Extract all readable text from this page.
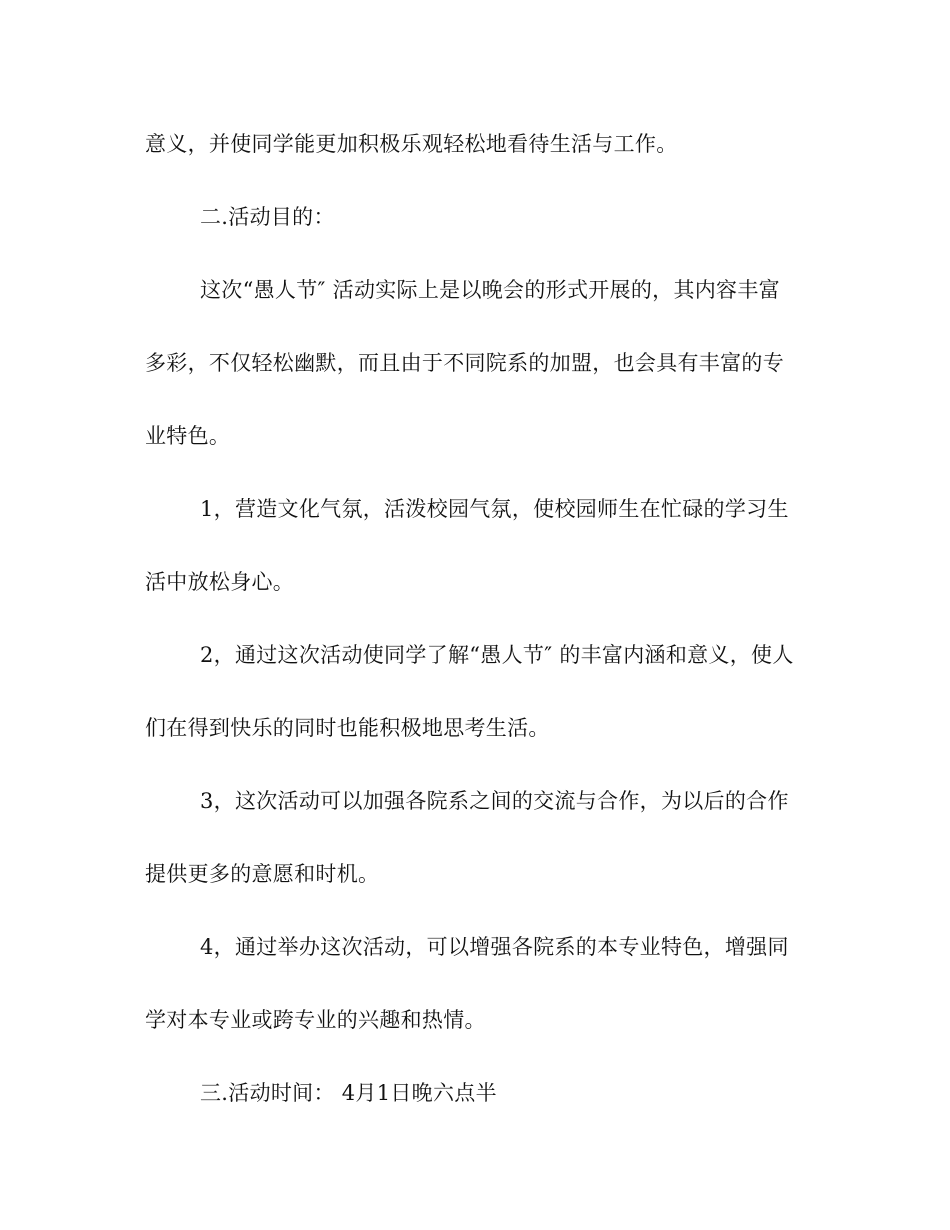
意义，并使同学能更加积极乐观轻松地看待生活与工作。
二.活动目的：
这次“愚人节″ 活动实际上是以晚会的形式开展的，其内容丰富
多彩，不仅轻松幽默，而且由于不同院系的加盟，也会具有丰富的专
业特色。
1，营造文化气氛，活泼校园气氛，使校园师生在忙碌的学习生
活中放松身心。
2，通过这次活动使同学了解“愚人节″ 的丰富内涵和意义，使人
们在得到快乐的同时也能积极地思考生活。
3，这次活动可以加强各院系之间的交流与合作，为以后的合作
提供更多的意愿和时机。
4，通过举办这次活动，可以增强各院系的本专业特色，增强同
学对本专业或跨专业的兴趣和热情。
三.活动时间： 4月1日晚六点半
